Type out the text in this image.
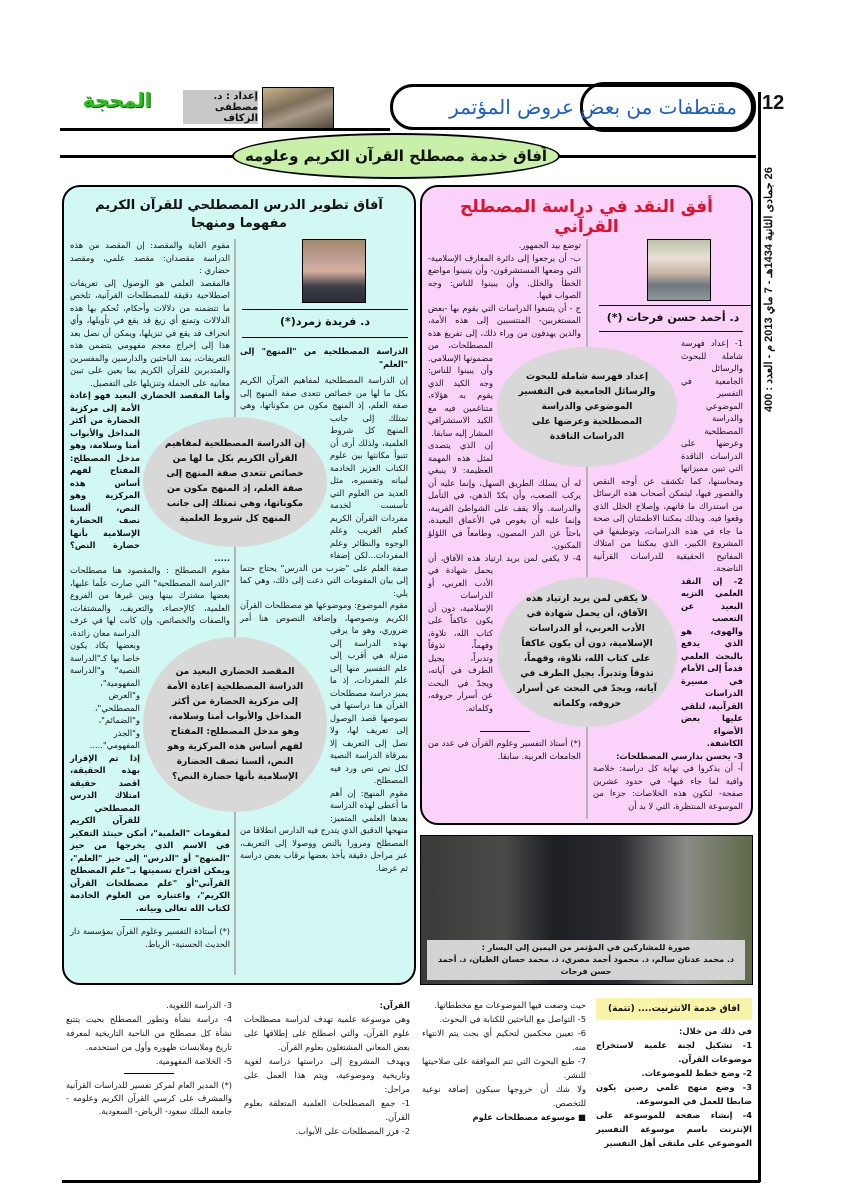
12
26 جمادى الثانية 1434هـ - 7 ماي 2013 م - العدد : 400
مقتطفات من بعض عروض المؤتمر
إعداد : د. مصطفى الزكاف
المحجة
آفاق خدمة مصطلح القرآن الكريم وعلومه
أفق النقد في دراسة المصطلح القرآني
د. أحمد حسن فرحات (*)
إعداد فهرسة شاملة للبحوث والرسائل الجامعية في التفسير الموضوعي والدراسة المصطلحية وعرضها على الدراسات الناقدة
لا يكفي لمن يريد ارتياد هذه الآفاق، أن يحمل شهادة في الأدب العربي، أو الدراسات الإسلامية، دون أن يكون عاكفاً على كتاب الله، تلاوة، وفهماً، تذوقاً وتدبراً. يجيل الطرف في آياته، ويجدّ في البحث عن أسرار حروفه، وكلماته

1- إعداد فهرسة شاملة للبحوث والرسائل الجامعية في التفسير الموضوعي والدراسة المصطلحية وعرضها على الدراسات الناقدة التي تبين مميزاتها ومحاسنها، كما تكشف عن أوجه النقص والقصور فيها، ليتمكن أصحاب هذه الرسائل من استدراك ما فاتهم، وإصلاح الخلل الذي وقعوا فيه. وبذلك يمكننا الاطمئنان إلى صحة ما جاء في هذه الدراسات، وتوظيفها في المشروع الكبير، الذي يمكننا من امتلاك المفاتيح الحقيقية للدراسات القرآنية الناضجة.

2- إن النقد العلمي النزيه البعيد عن التعصب والهوى، هو الذي يدفع بالبحث العلمي قدماً إلى الأمام في مسيرة الدراسات القرآنية، لتلقي عليها بعض الأضواء الكاشفة.

3- يحسن بدارسي المصطلحات:

أ- أن يذكروا في نهاية كل دراسة: خلاصة وافية لما جاء فيها- في حدود عشرين صفحة- لتكون هذه الخلاصات: جزءا من الموسوعة المنتظرة، التي لا بد أن

توضع بيد الجمهور.

ب- أن يرجعوا إلى دائرة المعارف الإسلامية- التي وضعها المستشرقون- وأن يتبينوا مواضع الخطأ والخلل. وأن يبينوا للناس: وجه الصواب فيها.

ج - أن يتتبعوا الدراسات التي يقوم بها -بعض المستغربين- المنتسبين إلى هذه الأمة، والذين يهدفون من وراء ذلك، إلى تفريغ هذه المصطلحات، من مضمونها الإسلامي. وأن يبينوا للناس: وجه الكيد الذي يقوم به هؤلاء، متناغمين فيه مع الكيد الاستشراقي المشار إليه سابقا.

إن الذي يتصدى لمثل هذه المهمة العظيمة: لا ينبغي له أن يسلك الطريق السهل، وإنما عليه أن يركب الصعب، وأن يكدّ الذهن، في التأمل والدراسة. وألا يقف على الشواطئ القريبة، وإنما عليه أن يغوص في الأعماق البعيدة، باحثاً عن الدر المصون، وطامعاً في اللؤلؤ المكنون.

4- لا يكفي لمن يريد ارتياد هذه الآفاق، أن يحمل شهادة في الأدب العربي، أو الدراسات الإسلامية، دون أن يكون عاكفاً على كتاب الله، تلاوة، وفهماً، تذوقاً وتدبراً، يجيل الطرف في آياته، ويجدّ في البحث عن أسرار حروفه، وكلماته.

(*) أستاذ التفسير وعلوم القرآن في عدد من الجامعات العربية. سابقا.

آفاق تطوير الدرس المصطلحي للقرآن الكريم مفهوما ومنهجا
د. فريدة زمرد(*)
إن الدراسة المصطلحية لمفاهيم القرآن الكريم بكل ما لها من خصائص تتعدى صفة المنهج إلى صفة العلم، إذ المنهج مكون من مكوناتها، وهي تمتلك إلى جانب المنهج كل شروط العلمية
المقصد الحضاري البعيد من الدراسة المصطلحية إعادة الأمة إلى مركزية الحضارة من أكثر المداخل والأبواب أمنا وسلامة، وهو مدخل المصطلح: المفتاح لفهم أساس هذه المركزية وهو النص، ألسنا نصف الحضارة الإسلامية بأنها حضارة النص؟

الدراسة المصطلحية من "المنهج" إلى "العلم"

إن الدراسة المصطلحية لمفاهيم القرآن الكريم بكل ما لها من خصائص تتعدى صفة المنهج إلى صفة العلم، إذ المنهج مكون من مكوناتها، وهي تمتلك إلى جانب المنهج كل شروط العلمية، ولذلك أرى أن تتبوأ مكانتها بين علوم الكتاب العزيز الخادمة لبيانه وتفسيره، مثل العديد من العلوم التي تأسست لخدمة مفردات القرآن الكريم كعلم الغريب وعلم الوجوه والنظائر وعلم المفردات...لكن إضفاء صفة العلم على "ضرب من الدرس" يحتاج حتما إلى بيان المقومات التي دعت إلى ذلك، وهي كما يلي:

مقوم الموضوع: وموضوعها هو مصطلحات القرآن الكريم ونصوصها، وإضافة النصوص هنا أمر ضروري، وهو ما يرقى بهذه الدراسة إلى منزلة هي أقرب إلى علم التفسير منها إلى علم المفردات، إذ ما يميز دراسة مصطلحات القرآن هنا دراستها في نصوصها قصد الوصول إلى تعريف لها، ولا نصل إلى التعريف إلا بمرقاة الدراسة النصية لكل نص نص ورد فيه المصطلح.

مقوم المنهج: إن أهم ما أعطى لهذه الدراسة بعدها العلمي المتميز: منهجها الدقيق الذي يتدرج فيه الدارس انطلاقا من المصطلح ومرورا بالنص ووصولا إلى التعريف، عبر مراحل دقيقة يأخذ بعضها برقاب بعض دراسة ثم عرضا.

مقوم الغاية والمقصد: إن المقصد من هذه الدراسة مقصدان: مقصد علمي، ومقصد حضاري :

فالمقصد العلمي هو الوصول إلى تعريفات اصطلاحية دقيقة للمصطلحات القرآنية، تلخص ما تتضمنه من دلالات وأحكام، تُحكم بها هذه الدلالات وتمنع أي زيغ قد يقع في تأويلها، وأي انحراف قد يقع في تنزيلها، ويمكن أن نصل بعد هذا إلى إخراج معجم مفهومي يتضمن هذه التعريفات، يمد الباحثين والدارسين والمفسرين والمتدبرين للقرآن الكريم بما يعين على تبين معانيه على الجملة وتنزيلها على التفصيل.

وأما المقصد الحضاري البعيد فهو إعادة الأمة إلى مركزية الحضارة من أكثر المداخل والأبواب أمنا وسلامة، وهو مدخل المصطلح: المفتاح لفهم أساس هذه المركزية وهو النص، ألسنا نصف الحضارة الإسلامية بأنها حضارة النص؟ .....

مقوم المصطلح : والمقصود هنا مصطلحات "الدراسة المصطلحية" التي صارت علَما عليها، بعضها مشترك بينها وبين غيرها من الفروع العلمية، كالإحصاء، والتعريف، والمشتقات، والصفات والخصائص، وإن كانت لها في عرف الدراسة معان زائدة، وبعضها يكاد يكون خاصا بها كـ"الدراسة النصية" و"الدراسة المفهومية"، و"العرض المصطلحي"، و"الضمائم"، و"الجذر المفهومي".....

إذا تم الإقرار بهذه الحقيقة، اقصد حقيقة امتلاك الدرس المصطلحي للقرآن الكريم لمقومات "العلمية"، أمكن حينئذ التفكير في الاسم الذي يخرجها من حيز "المنهج" أو "الدرس" إلى حيز "العلم"، ويمكن اقتراح تسميتها بـ"علم المصطلح القرآني"أو "علم مصطلحات القرآن الكريم"، واعتباره من العلوم الخادمة لكتاب الله تعالى وبيانه.

(*) أستاذة التفسير وعلوم القرآن بمؤسسة دار الحديث الحسنية- الرباط.	صورة للمشاركين في المؤتمر من اليمين إلى اليسار :
د. محمد عدنان سالم، د. محمود أحمد مصري، د. محمد حسان الطيان، د. أحمد حسن فرحات
افاق خدمة الانترنيت.... (تتمة)

في ذلك من خلال:

1- تشكيل لجنة علمية لاستخراج موضوعات القرآن.

2- وضع خطط للموضوعات.

3- وضع منهج علمي رصين يكون ضابطا للعمل في الموسوعة.

4- إنشاء صفحة للموسوعة على الإنترنت باسم موسوعة التفسير الموضوعي على ملتقى أهل التفسير

حيث وضعت فيها الموضوعات مع مخططاتها.

5- التواصل مع الباحثين للكتابة في البحوث.

6- تعيين محكمين لتحكيم أي بحث يتم الانتهاء منه.

7- طبع البحوث التي تتم الموافقة على صلاحيتها للنشر.

ولا شك أن خروجها سيكون إضافة نوعية للتخصص.

■ موسوعة مصطلحات علوم

القرآن:

وهي موسوعة علمية تهدف لدراسة مصطلحات علوم القرآن، والتي اصطلح على إطلاقها على بعض المعاني المشتغلون بعلوم القرآن.

ويهدف المشروع إلى دراستها دراسة لغوية وتاريخية وموضوعية، ويتم هذا العمل على مراحل:

1- جمع المصطلحات العلمية المتعلقة بعلوم القرآن.

2- فرز المصطلحات على الأبواب.

3- الدراسة اللغوية.

4- دراسة نشأة وتطور المصطلح بحيث يتتبع نشأة كل مصطلح من الناحية التاريخية لمعرفة تاريخ وملابسات ظهوره وأول من استخدمه.

5- الخلاصة المفهومية.

(*) المدير العام لمركز تفسير للدراسات القرآنية والمشرف على كرسي القرآن الكريم وعلومه - جامعة الملك سعود- الرياض- السعودية.
